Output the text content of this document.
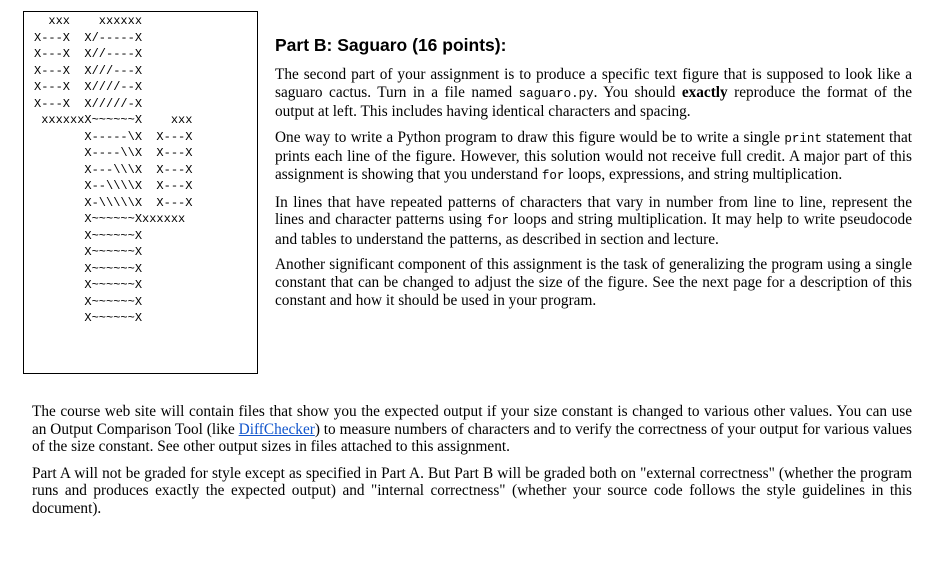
xxx    xxxxxx
X---X  X/-----X
X---X  X//----X
X---X  X///---X
X---X  X////--X
X---X  X/////-X
xxxxxxX~~~~~~X    xxx
X-----\X  X---X
X----\\X  X---X
X---\\\X  X---X
X--\\\\X  X---X
X-\\\\\X  X---X
X~~~~~~Xxxxxxx
X~~~~~~X
X~~~~~~X
X~~~~~~X
X~~~~~~X
X~~~~~~X
X~~~~~~X
Part B: Saguaro (16 points):

The second part of your assignment is to produce a specific text figure that is supposed to look like a saguaro cactus. Turn in a file named saguaro.py. You should exactly reproduce the format of the output at left. This includes having identical characters and spacing.

One way to write a Python program to draw this figure would be to write a single print statement that prints each line of the figure. However, this solution would not receive full credit. A major part of this assignment is showing that you understand for loops, expressions, and string multiplication.

In lines that have repeated patterns of characters that vary in number from line to line, represent the lines and character patterns using for loops and string multiplication. It may help to write pseudocode and tables to understand the patterns, as described in section and lecture.

Another significant component of this assignment is the task of generalizing the program using a single constant that can be changed to adjust the size of the figure. See the next page for a description of this constant and how it should be used in your program.

The course web site will contain files that show you the expected output if your size constant is changed to various other values. You can use an Output Comparison Tool (like DiffChecker) to measure numbers of characters and to verify the correctness of your output for various values of the size constant. See other output sizes in files attached to this assignment.

Part A will not be graded for style except as specified in Part A. But Part B will be graded both on "external correctness" (whether the program runs and produces exactly the expected output) and "internal correctness" (whether your source code follows the style guidelines in this document).
